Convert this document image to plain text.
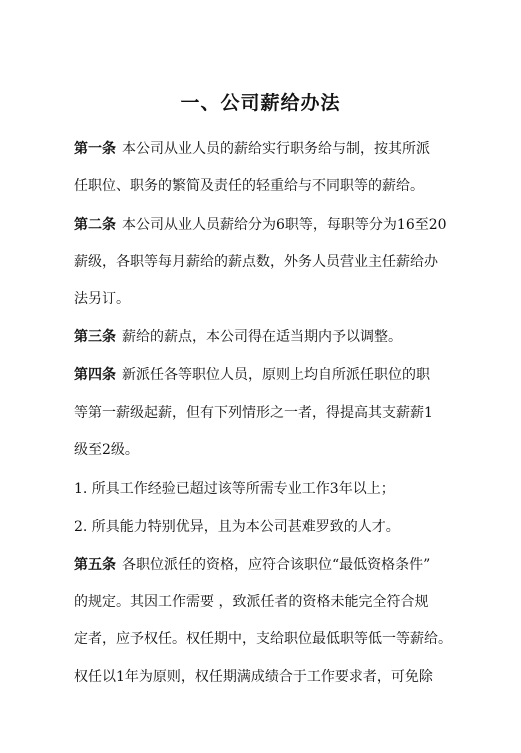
一、公司薪给办法
第一条 本公司从业人员的薪给实行职务给与制，按其所派
任职位、职务的繁简及责任的轻重给与不同职等的薪给。
第二条 本公司从业人员薪给分为6职等，每职等分为16至20
薪级，各职等每月薪给的薪点数，外务人员营业主任薪给办
法另订。
第三条 薪给的薪点，本公司得在适当期内予以调整。
第四条 新派任各等职位人员，原则上均自所派任职位的职
等第一薪级起薪，但有下列情形之一者，得提高其支薪薪1
级至2级。
1. 所具工作经验已超过该等所需专业工作3年以上；
2. 所具能力特别优异，且为本公司甚难罗致的人才。
第五条 各职位派任的资格，应符合该职位“最低资格条件”
的规定。其因工作需要 ，致派任者的资格未能完全符合规
定者，应予权任。权任期中，支给职位最低职等低一等薪给。
权任以1年为原则，权任期满成绩合于工作要求者，可免除
